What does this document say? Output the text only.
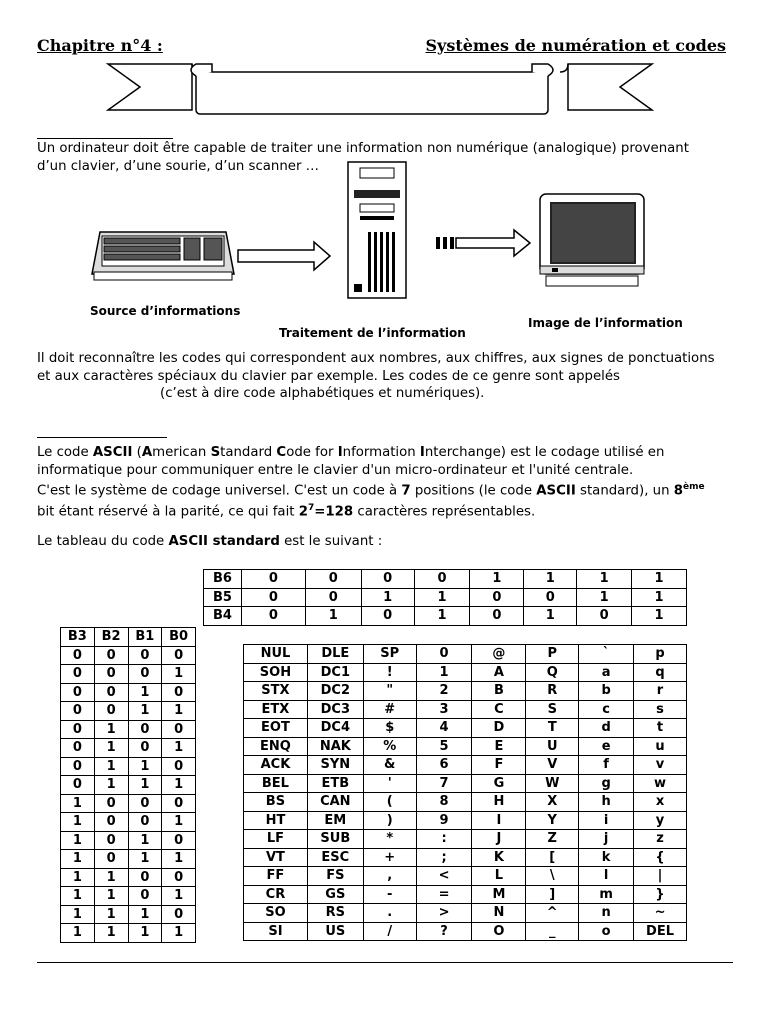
Chapitre n°4 :	Systèmes de numération et codes
Un ordinateur doit être capable de traiter une information non numérique (analogique) provenant
d’un clavier, d’une sourie, d’un scanner …
Source d’informations
Traitement de l’information
Image de l’information
Il doit reconnaître les codes qui correspondent aux nombres, aux chiffres, aux signes de ponctuations
et aux caractères spéciaux du clavier par exemple. Les codes de ce genre sont appelés
(c’est à dire code alphabétiques et numériques).
Le code ASCII (American Standard Code for Information Interchange) est le codage utilisé en
informatique pour communiquer entre le clavier d'un micro-ordinateur et l'unité centrale.
C'est le système de codage universel. C'est un code à 7 positions (le code ASCII standard), un 8ème
bit étant réservé à la parité, ce qui fait $2^7=128$ caractères représentables.
Le tableau du code ASCII standard est le suivant :
B6	0	0	0	0	1	1	1	1
B5	0	0	1	1	0	0	1	1
B4	0	1	0	1	0	1	0	1
B3	B2	B1	B0
0	0	0	0
0	0	0	1
0	0	1	0
0	0	1	1
0	1	0	0
0	1	0	1
0	1	1	0
0	1	1	1
1	0	0	0
1	0	0	1
1	0	1	0
1	0	1	1
1	1	0	0
1	1	0	1
1	1	1	0
1	1	1	1
NUL	DLE	SP	0	@	P	`	p
SOH	DC1	!	1	A	Q	a	q
STX	DC2	"	2	B	R	b	r
ETX	DC3	#	3	C	S	c	s
EOT	DC4	$	4	D	T	d	t
ENQ	NAK	%	5	E	U	e	u
ACK	SYN	&	6	F	V	f	v
BEL	ETB	'	7	G	W	g	w
BS	CAN	(	8	H	X	h	x
HT	EM	)	9	I	Y	i	y
LF	SUB	*	:	J	Z	j	z
VT	ESC	+	;	K	[	k	{
FF	FS	,	<	L	\	l	|
CR	GS	-	=	M	]	m	}
SO	RS	.	>	N	^	n	~
SI	US	/	?	O	_	o	DEL
